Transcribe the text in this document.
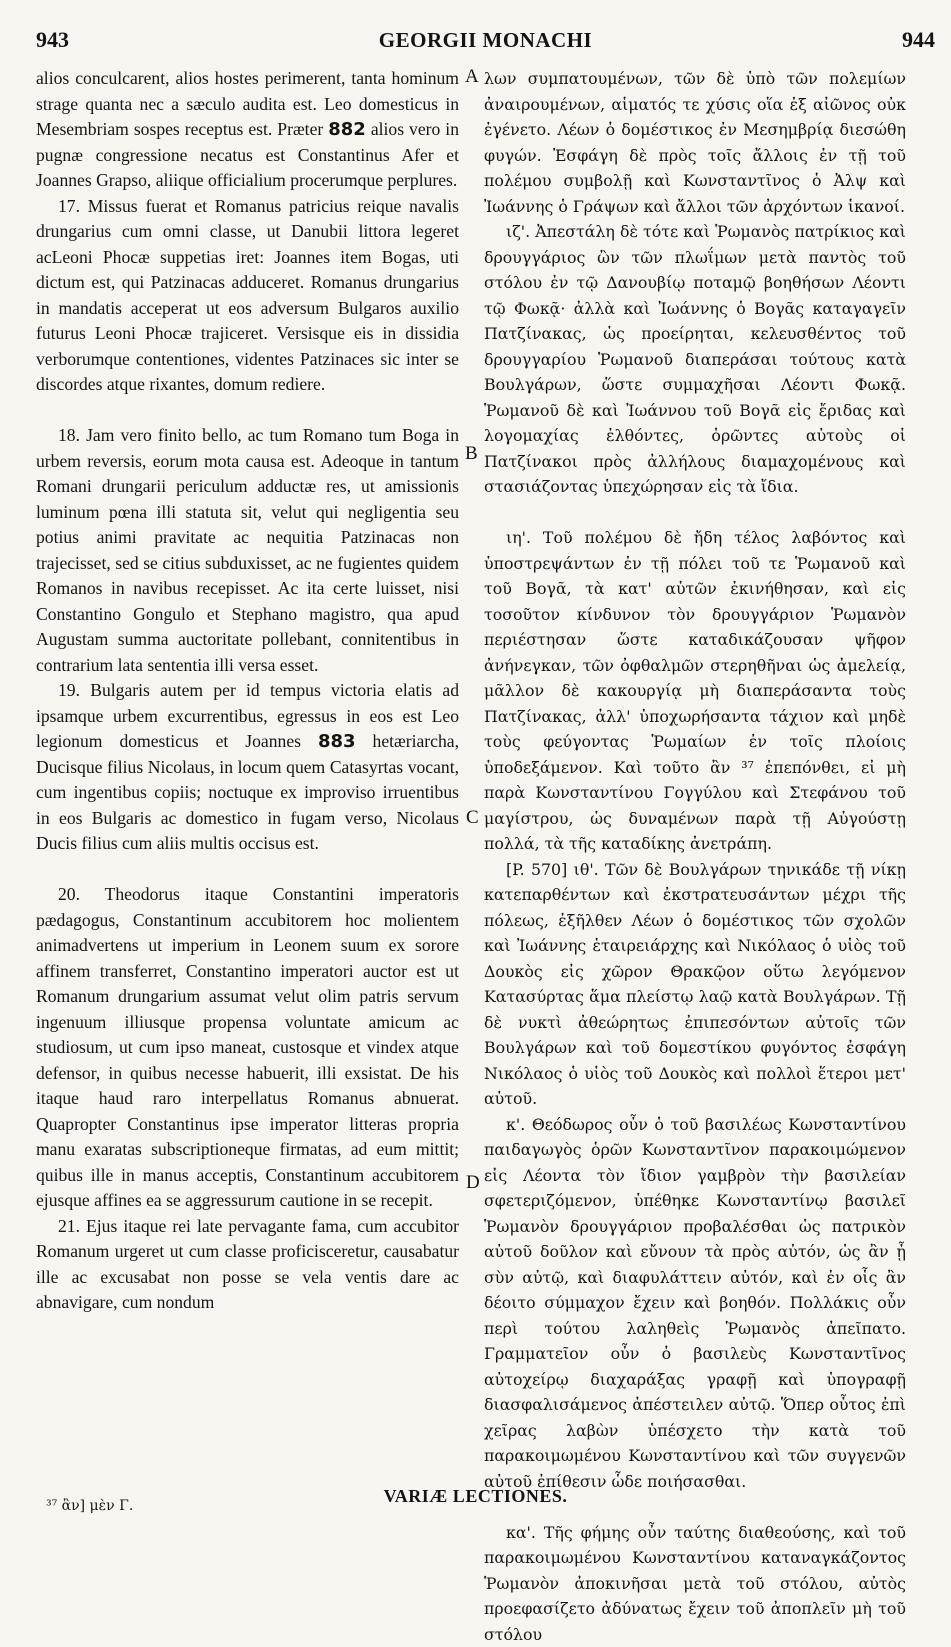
943	GEORGII MONACHI	944
A
B
C
D

alios conculcarent, alios hostes perimerent, tanta hominum strage quanta nec a sæculo audita est. Leo domesticus in Mesembriam sospes receptus est. Præter 882 alios vero in pugnæ congressione necatus est Constantinus Afer et Joannes Grapso, aliique officialium procerumque perplures.

17. Missus fuerat et Romanus patricius reique navalis drungarius cum omni classe, ut Danubii littora legeret acLeoni Phocæ suppetias iret: Joannes item Bogas, uti dictum est, qui Patzinacas adduceret. Romanus drungarius in mandatis acceperat ut eos adversum Bulgaros auxilio futurus Leoni Phocæ trajiceret. Versisque eis in dissidia verborumque contentiones, videntes Patzinaces sic inter se discordes atque rixantes, domum rediere.

18. Jam vero finito bello, ac tum Romano tum Boga in urbem reversis, eorum mota causa est. Adeoque in tantum Romani drungarii periculum adductæ res, ut amissionis luminum pœna illi statuta sit, velut qui negligentia seu potius animi pravitate ac nequitia Patzinacas non trajecisset, sed se citius subduxisset, ac ne fugientes quidem Romanos in navibus recepisset. Ac ita certe luisset, nisi Constantino Gongulo et Stephano magistro, qua apud Augustam summa auctoritate pollebant, connitentibus in contrarium lata sententia illi versa esset.

19. Bulgaris autem per id tempus victoria elatis ad ipsamque urbem excurrentibus, egressus in eos est Leo legionum domesticus et Joannes 883 hetæriarcha, Ducisque filius Nicolaus, in locum quem Catasyrtas vocant, cum ingentibus copiis; noctuque ex improviso irruentibus in eos Bulgaris ac domestico in fugam verso, Nicolaus Ducis filius cum aliis multis occisus est.

20. Theodorus itaque Constantini imperatoris pædagogus, Constantinum accubitorem hoc molientem animadvertens ut imperium in Leonem suum ex sorore affinem transferret, Constantino imperatori auctor est ut Romanum drungarium assumat velut olim patris servum ingenuum illiusque propensa voluntate amicum ac studiosum, ut cum ipso maneat, custosque et vindex atque defensor, in quibus necesse habuerit, illi exsistat. De his itaque haud raro interpellatus Romanus abnuerat. Quapropter Constantinus ipse imperator litteras propria manu exaratas subscriptioneque firmatas, ad eum mittit; quibus ille in manus acceptis, Constantinum accubitorem ejusque affines ea se aggressurum cautione in se recepit.

21. Ejus itaque rei late pervagante fama, cum accubitor Romanum urgeret ut cum classe proficisceretur, causabatur ille ac excusabat non posse se vela ventis dare ac abnavigare, cum nondum

λων συμπατουμένων, τῶν δὲ ὑπὸ τῶν πολεμίων ἀναιρουμένων, αἱματός τε χύσις οἵα ἐξ αἰῶνος οὐκ ἐγένετο. Λέων ὁ δομέστικος ἐν Μεσημβρίᾳ διεσώθη φυγών. Ἐσφάγη δὲ πρὸς τοῖς ἄλλοις ἐν τῇ τοῦ πολέμου συμβολῇ καὶ Κωνσταντῖνος ὁ Ἀλψ καὶ Ἰωάννης ὁ Γράψων καὶ ἄλλοι τῶν ἀρχόντων ἱκανοί.

ιζ'. Ἀπεστάλη δὲ τότε καὶ Ῥωμανὸς πατρίκιος καὶ δρουγγάριος ὢν τῶν πλωΐμων μετὰ παντὸς τοῦ στόλου ἐν τῷ Δανουβίῳ ποταμῷ βοηθήσων Λέοντι τῷ Φωκᾷ· ἀλλὰ καὶ Ἰωάννης ὁ Βογᾶς καταγαγεῖν Πατζίνακας, ὡς προείρηται, κελευσθέντος τοῦ δρουγγαρίου Ῥωμανοῦ διαπεράσαι τούτους κατὰ Βουλγάρων, ὥστε συμμαχῆσαι Λέοντι Φωκᾷ. Ῥωμανοῦ δὲ καὶ Ἰωάννου τοῦ Βογᾶ εἰς ἔριδας καὶ λογομαχίας ἐλθόντες, ὁρῶντες αὐτοὺς οἱ Πατζίνακοι πρὸς ἀλλήλους διαμαχομένους καὶ στασιάζοντας ὑπεχώρησαν εἰς τὰ ἴδια.

ιη'. Τοῦ πολέμου δὲ ἤδη τέλος λαβόντος καὶ ὑποστρεψάντων ἐν τῇ πόλει τοῦ τε Ῥωμανοῦ καὶ τοῦ Βογᾶ, τὰ κατ' αὐτῶν ἐκινήθησαν, καὶ εἰς τοσοῦτον κίνδυνον τὸν δρουγγάριον Ῥωμανὸν περιέστησαν ὥστε καταδικάζουσαν ψῆφον ἀνήνεγκαν, τῶν ὀφθαλμῶν στερηθῆναι ὡς ἀμελείᾳ, μᾶλλον δὲ κακουργίᾳ μὴ διαπεράσαντα τοὺς Πατζίνακας, ἀλλ' ὑποχωρήσαντα τάχιον καὶ μηδὲ τοὺς φεύγοντας Ῥωμαίων ἐν τοῖς πλοίοις ὑποδεξάμενον. Καὶ τοῦτο ἂν ³⁷ ἐπεπόνθει, εἰ μὴ παρὰ Κωνσταντίνου Γογγύλου καὶ Στεφάνου τοῦ μαγίστρου, ὡς δυναμένων παρὰ τῇ Αὐγούστῃ πολλά, τὰ τῆς καταδίκης ἀνετράπη.

[P. 570] ιθ'. Τῶν δὲ Βουλγάρων τηνικάδε τῇ νίκῃ κατεπαρθέντων καὶ ἐκστρατευσάντων μέχρι τῆς πόλεως, ἐξῆλθεν Λέων ὁ δομέστικος τῶν σχολῶν καὶ Ἰωάννης ἑταιρειάρχης καὶ Νικόλαος ὁ υἱὸς τοῦ Δουκὸς εἰς χῶρον Θρακῷον οὕτω λεγόμενον Κατασύρτας ἅμα πλείστῳ λαῷ κατὰ Βουλγάρων. Τῇ δὲ νυκτὶ ἀθεώρητως ἐπιπεσόντων αὐτοῖς τῶν Βουλγάρων καὶ τοῦ δομεστίκου φυγόντος ἐσφάγη Νικόλαος ὁ υἱὸς τοῦ Δουκὸς καὶ πολλοὶ ἕτεροι μετ' αὐτοῦ.

κ'. Θεόδωρος οὖν ὁ τοῦ βασιλέως Κωνσταντίνου παιδαγωγὸς ὁρῶν Κωνσταντῖνον παρακοιμώμενον εἰς Λέοντα τὸν ἴδιον γαμβρὸν τὴν βασιλείαν σφετεριζόμενον, ὑπέθηκε Κωνσταντίνῳ βασιλεῖ Ῥωμανὸν δρουγγάριον προβαλέσθαι ὡς πατρικὸν αὐτοῦ δοῦλον καὶ εὔνουν τὰ πρὸς αὐτόν, ὡς ἂν ᾖ σὺν αὐτῷ, καὶ διαφυλάττειν αὐτόν, καὶ ἐν οἷς ἂν δέοιτο σύμμαχον ἔχειν καὶ βοηθόν. Πολλάκις οὖν περὶ τούτου λαληθεὶς Ῥωμανὸς ἀπεῖπατο. Γραμματεῖον οὖν ὁ βασιλεὺς Κωνσταντῖνος αὐτοχείρῳ διαχαράξας γραφῇ καὶ ὑπογραφῇ διασφαλισάμενος ἀπέστειλεν αὐτῷ. Ὅπερ οὗτος ἐπὶ χεῖρας λαβὼν ὑπέσχετο τὴν κατὰ τοῦ παρακοιμωμένου Κωνσταντίνου καὶ τῶν συγγενῶν αὐτοῦ ἐπίθεσιν ὧδε ποιήσασθαι.

κα'. Τῆς φήμης οὖν ταύτης διαθεούσης, καὶ τοῦ παρακοιμωμένου Κωνσταντίνου καταναγκάζοντος Ῥωμανὸν ἀποκινῆσαι μετὰ τοῦ στόλου, αὐτὸς προεφασίζετο ἀδύνατως ἔχειν τοῦ ἀποπλεῖν μὴ τοῦ στόλου

³⁷ ἂν] μὲν Γ.	VARIÆ LECTIONES.
